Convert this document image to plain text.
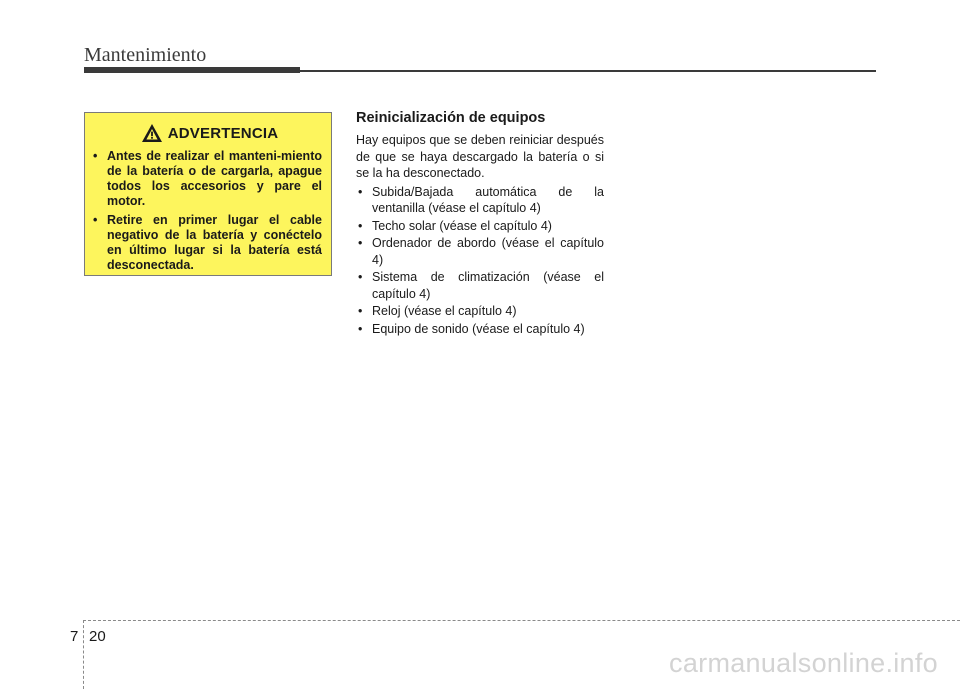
Mantenimiento
ADVERTENCIA
• Antes de realizar el manteni-miento de la batería o de cargarla, apague todos los accesorios y pare el motor.
• Retire en primer lugar el cable negativo de la batería y conéctelo en último lugar si la batería está desconectada.
Reinicialización de equipos

Hay equipos que se deben reiniciar después de que se haya descargado la batería o si se la ha desconectado.

• Subida/Bajada automática de la ventanilla (véase el capítulo 4)
• Techo solar (véase el capítulo 4)
• Ordenador de abordo (véase el capítulo 4)
• Sistema de climatización (véase el capítulo 4)
• Reloj (véase el capítulo 4)
• Equipo de sonido (véase el capítulo 4)
7 20
carmanualsonline.info
